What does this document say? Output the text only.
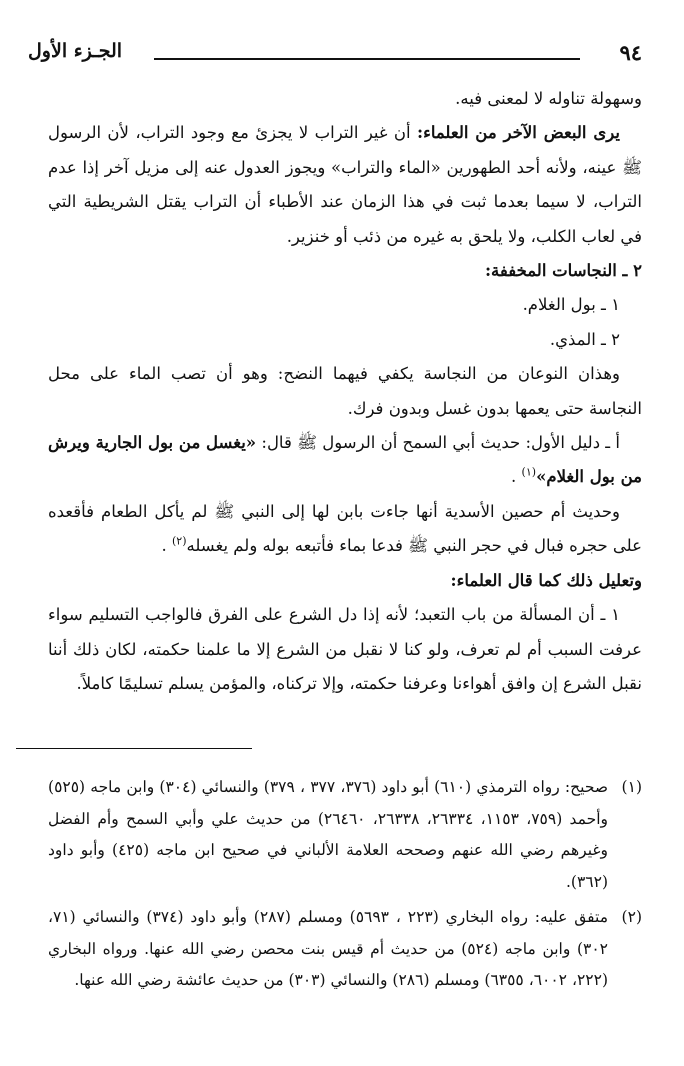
٩٤
الجـزء الأول

وسهولة تناوله لا لمعنى فيه.

يرى البعض الآخر من العلماء: أن غير التراب لا يجزئ مع وجود التراب، لأن الرسول ﷺ عينه، ولأنه أحد الطهورين «الماء والتراب» ويجوز العدول عنه إلى مزيل آخر إذا عدم التراب، لا سيما بعدما ثبت في هذا الزمان عند الأطباء أن التراب يقتل الشريطية التي في لعاب الكلب، ولا يلحق به غيره من ذئب أو خنزير.

٢ ـ النجاسات المخففة:

١ ـ بول الغلام.

٢ ـ المذي.

وهذان النوعان من النجاسة يكفي فيهما النضح: وهو أن تصب الماء على محل النجاسة حتى يعمها بدون غسل وبدون فرك.

أ ـ دليل الأول: حديث أبي السمح أن الرسول ﷺ قال: «يغسل من بول الجارية ويرش من بول الغلام»$^{(١)}$ .

وحديث أم حصين الأسدية أنها جاءت بابن لها إلى النبي ﷺ لم يأكل الطعام فأقعده على حجره فبال في حجر النبي ﷺ فدعا بماء فأتبعه بوله ولم يغسله$^{(٢)}$ .

وتعليل ذلك كما قال العلماء:

١ ـ أن المسألة من باب التعبد؛ لأنه إذا دل الشرع على الفرق فالواجب التسليم سواء عرفت السبب أم لم تعرف، ولو كنا لا نقبل من الشرع إلا ما علمنا حكمته، لكان ذلك أننا نقبل الشرع إن وافق أهواءنا وعرفنا حكمته، وإلا تركناه، والمؤمن يسلم تسليمًا كاملاً.

(١)
صحيح: رواه الترمذي (٦١٠) أبو داود (٣٧٦، ٣٧٧ ، ٣٧٩) والنسائي (٣٠٤) وابن ماجه (٥٢٥) وأحمد (٧٥٩، ١١٥٣، ٢٦٣٣٤، ٢٦٣٣٨، ٢٦٤٦٠) من حديث علي وأبي السمح وأم الفضل وغيرهم رضي الله عنهم وصححه العلامة الألباني في صحيح ابن ماجه (٤٢٥) وأبو داود (٣٦٢).

(٢)
متفق عليه: رواه البخاري (٢٢٣ ، ٥٦٩٣) ومسلم (٢٨٧) وأبو داود (٣٧٤) والنسائي (٧١، ٣٠٢) وابن ماجه (٥٢٤) من حديث أم قيس بنت محصن رضي الله عنها. ورواه البخاري (٢٢٢، ٦٠٠٢، ٦٣٥٥) ومسلم (٢٨٦) والنسائي (٣٠٣) من حديث عائشة رضي الله عنها.
